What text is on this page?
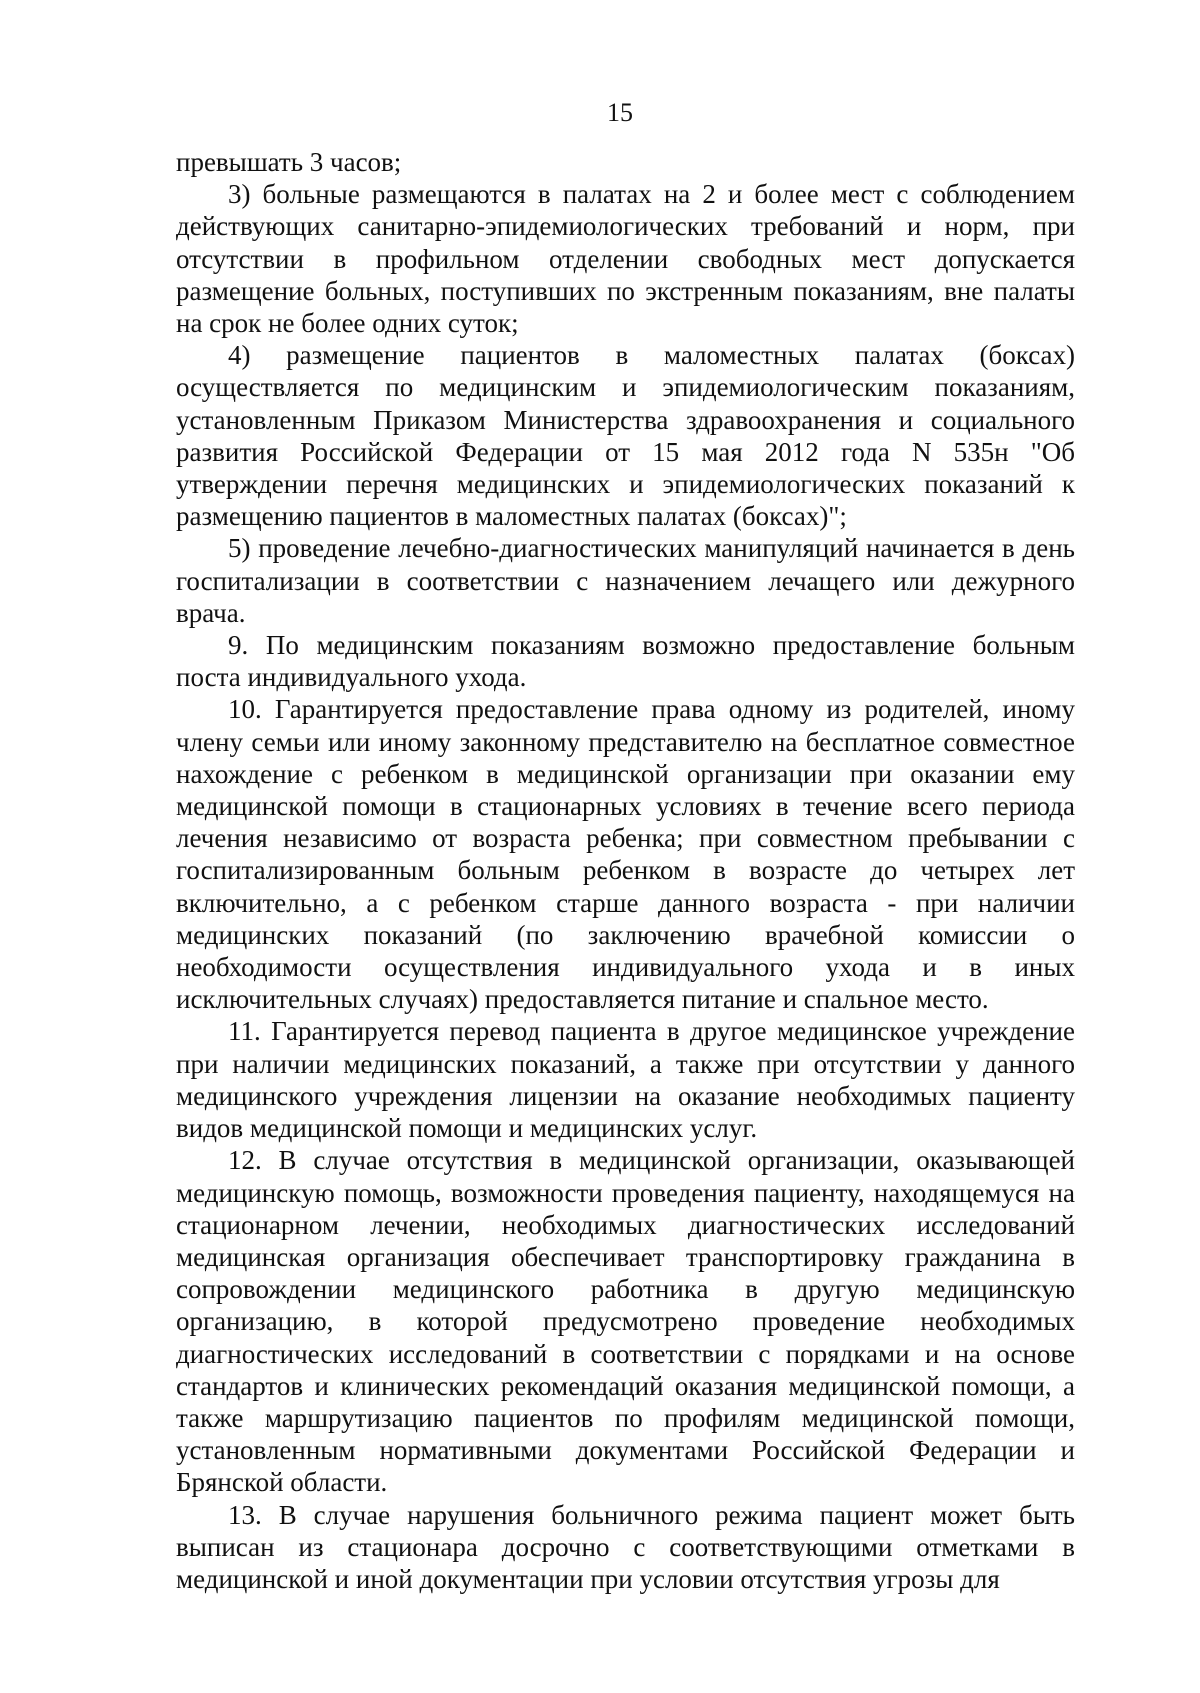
15

превышать 3 часов;

3) больные размещаются в палатах на 2 и более мест с соблюдением действующих санитарно-эпидемиологических требований и норм, при отсутствии в профильном отделении свободных мест допускается размещение больных, поступивших по экстренным показаниям, вне палаты на срок не более одних суток;

4) размещение пациентов в маломестных палатах (боксах) осуществляется по медицинским и эпидемиологическим показаниям, установленным Приказом Министерства здравоохранения и социального развития Российской Федерации от 15 мая 2012 года N 535н "Об утверждении перечня медицинских и эпидемиологических показаний к размещению пациентов в маломестных палатах (боксах)";

5) проведение лечебно-диагностических манипуляций начинается в день госпитализации в соответствии с назначением лечащего или дежурного врача.

9. По медицинским показаниям возможно предоставление больным поста индивидуального ухода.

10. Гарантируется предоставление права одному из родителей, иному члену семьи или иному законному представителю на бесплатное совместное нахождение с ребенком в медицинской организации при оказании ему медицинской помощи в стационарных условиях в течение всего периода лечения независимо от возраста ребенка; при совместном пребывании с госпитализированным больным ребенком в возрасте до четырех лет включительно, а с ребенком старше данного возраста - при наличии медицинских показаний (по заключению врачебной комиссии о необходимости осуществления индивидуального ухода и в иных исключительных случаях) предоставляется питание и спальное место.

11. Гарантируется перевод пациента в другое медицинское учреждение при наличии медицинских показаний, а также при отсутствии у данного медицинского учреждения лицензии на оказание необходимых пациенту видов медицинской помощи и медицинских услуг.

12. В случае отсутствия в медицинской организации, оказывающей медицинскую помощь, возможности проведения пациенту, находящемуся на стационарном лечении, необходимых диагностических исследований медицинская организация обеспечивает транспортировку гражданина в сопровождении медицинского работника в другую медицинскую организацию, в которой предусмотрено проведение необходимых диагностических исследований в соответствии с порядками и на основе стандартов и клинических рекомендаций оказания медицинской помощи, а также маршрутизацию пациентов по профилям медицинской помощи, установленным нормативными документами Российской Федерации и Брянской области.

13. В случае нарушения больничного режима пациент может быть выписан из стационара досрочно с соответствующими отметками в медицинской и иной документации при условии отсутствия угрозы для
